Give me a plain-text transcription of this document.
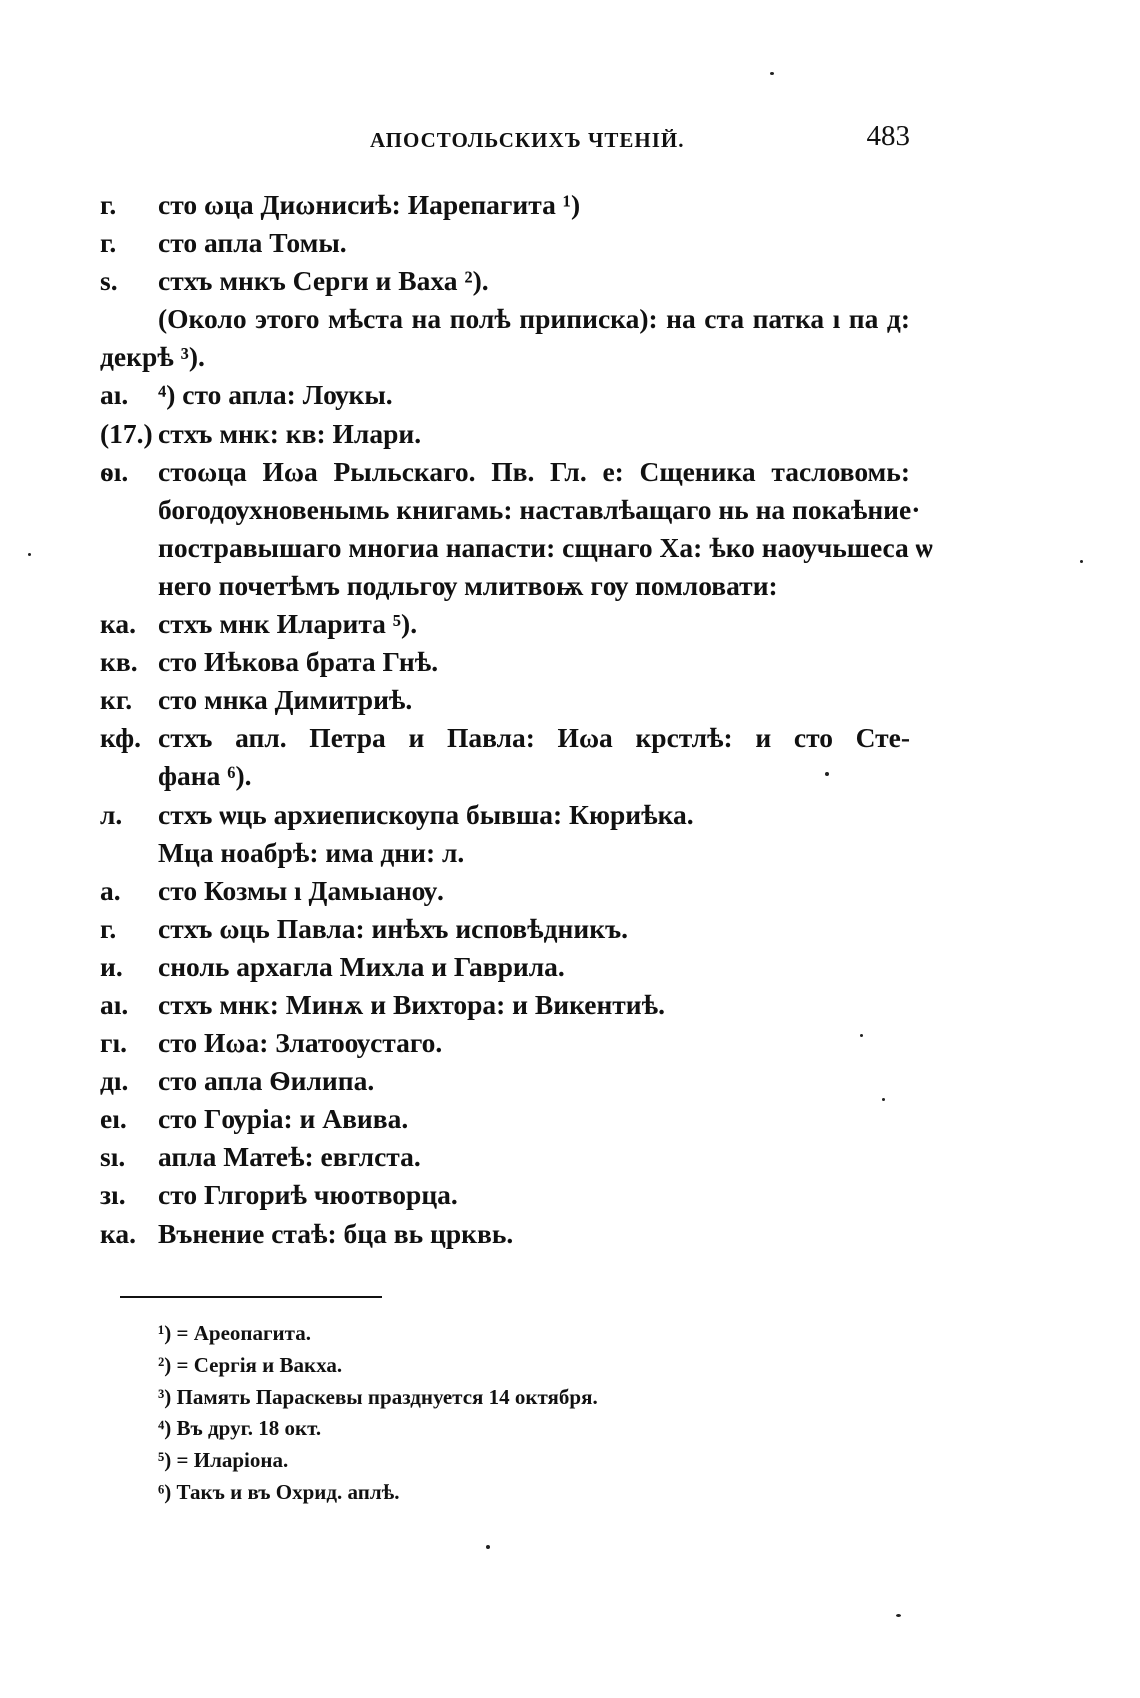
АПОСТОЛЬСКИХЪ ЧТЕНІЙ.	483
г.	сто ωца Диωнисиѣ: Иарепагита ¹)
г.	сто апла Томы.
ѕ.	стхъ мнкъ Серги и Ваха ²).
(Около этого мѣста на полѣ приписка): на ста патка ı па д:
декрѣ ³).
аı.	⁴) сто апла: Лѹкы.
(17.) стхъ мнк: кв: Илари.
ѳı.	стоωца Иωа Рыльскаго. Пв. Гл. е: Сщеника тасловомь:
богодѹхновенымь книгамь: наставлѣащаго нь на покаѣние·
постравышаго многиа напасти: сщнаго Ха: ѣко наѹчьшеса ѡ
него почетѣмъ подльгѹ млитвоѭ гѹ помловати:
ка. стхъ мнк Иларита ⁵).
кв. сто Иѣкова брата Гнѣ.
кг. сто мнка Димитриѣ.
кф. стхъ апл. Петра и Павла: Иωа крстлѣ: и сто Сте-
фана ⁶).
л.	стхъ ѡць архиепискѹпа бывша: Кюриѣка.
Мца ноабрѣ: има дни: л.
а.	сто Козмы ı Дамьıанѹ.
г.	стхъ ωць Павла: инѣхъ исповѣдникъ.
и.	сноль архагла Михла и Гаврила.
аı.	стхъ мнк: Минѫ и Вихтора: и Викентиѣ.
гı.	сто Иωа: Златоѹстаго.
дı.	сто апла Ѳилипа.
еı.	сто Гѹрia: и Авива.
ѕı.	апла Матеѣ: евглста.
зı.	сто Глгориѣ чюотворца.
ка. Вънение стаѣ: бца вь црквь.
¹) = Ареопагита.
²) = Сергія и Вакха.
³) Память Параскевы празднуется 14 октября.
⁴) Въ друг. 18 окт.
⁵) = Иларіона.
⁶) Такъ и въ Охрид. аплѣ.
